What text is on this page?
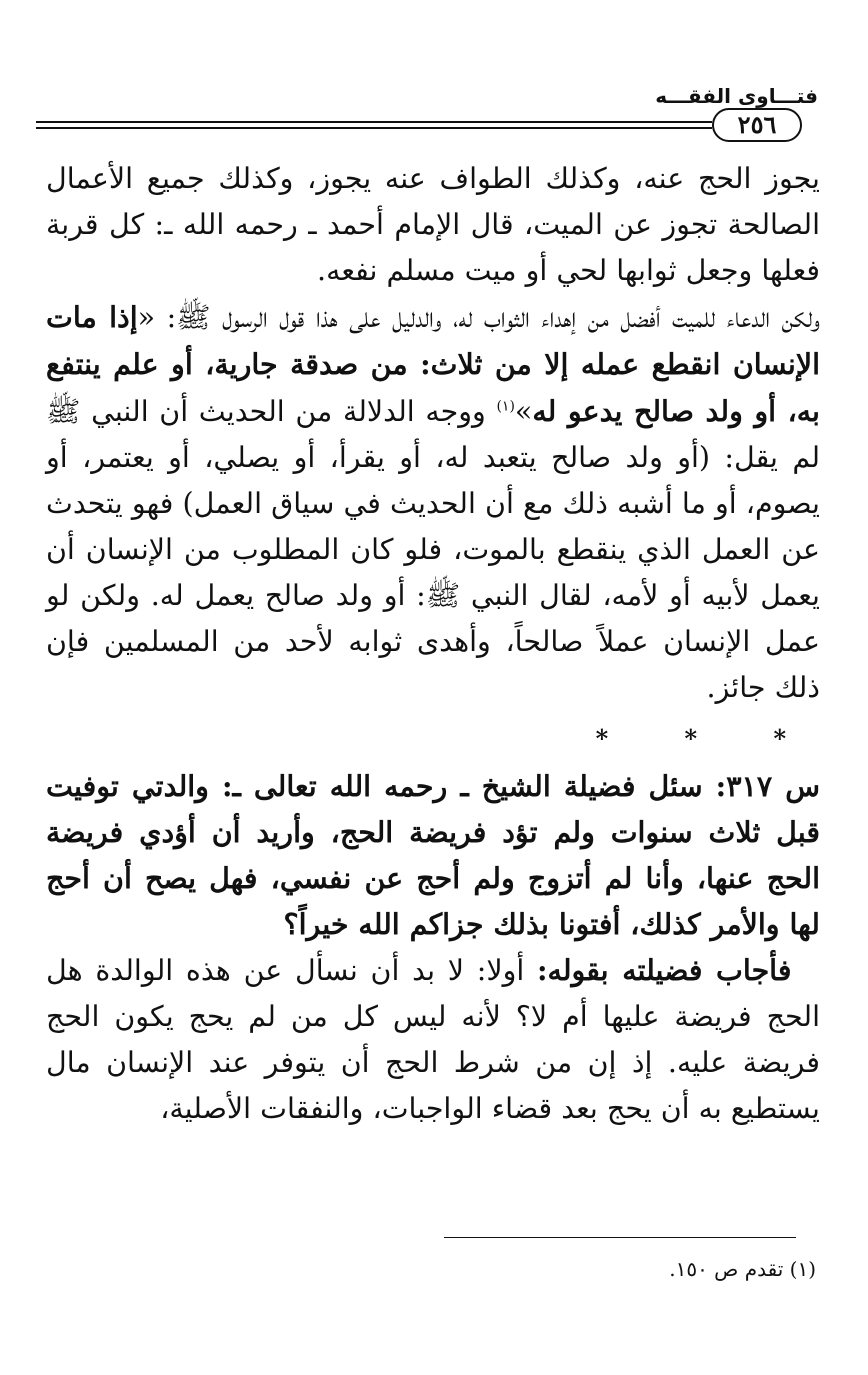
فتـــاوى الفقـــه
٢٥٦

يجوز الحج عنه، وكذلك الطواف عنه يجوز، وكذلك جميع الأعمال الصالحة تجوز عن الميت، قال الإمام أحمد ـ رحمه الله ـ: كل قربة فعلها وجعل ثوابها لحي أو ميت مسلم نفعه.

ولكن الدعاء للميت أفضل من إهداء الثواب له، والدليل على هذا قول الرسول ﷺ: «إذا مات الإنسان انقطع عمله إلا من ثلاث: من صدقة جارية، أو علم ينتفع به، أو ولد صالح يدعو له»$^{(١)}$ ووجه الدلالة من الحديث أن النبي ﷺ لم يقل: (أو ولد صالح يتعبد له، أو يقرأ، أو يصلي، أو يعتمر، أو يصوم، أو ما أشبه ذلك مع أن الحديث في سياق العمل) فهو يتحدث عن العمل الذي ينقطع بالموت، فلو كان المطلوب من الإنسان أن يعمل لأبيه أو لأمه، لقال النبي ﷺ: أو ولد صالح يعمل له. ولكن لو عمل الإنسان عملاً صالحاً، وأهدى ثوابه لأحد من المسلمين فإن ذلك جائز.

* * *

س ٣١٧: سئل فضيلة الشيخ ـ رحمه الله تعالى ـ: والدتي توفيت قبل ثلاث سنوات ولم تؤد فريضة الحج، وأريد أن أؤدي فريضة الحج عنها، وأنا لم أتزوج ولم أحج عن نفسي، فهل يصح أن أحج لها والأمر كذلك، أفتونا بذلك جزاكم الله خيراً؟

 فأجاب فضيلته بقوله: أولا: لا بد أن نسأل عن هذه الوالدة هل الحج فريضة عليها أم لا؟ لأنه ليس كل من لم يحج يكون الحج فريضة عليه. إذ إن من شرط الحج أن يتوفر عند الإنسان مال يستطيع به أن يحج بعد قضاء الواجبات، والنفقات الأصلية،

(١) تقدم ص ١٥٠.
